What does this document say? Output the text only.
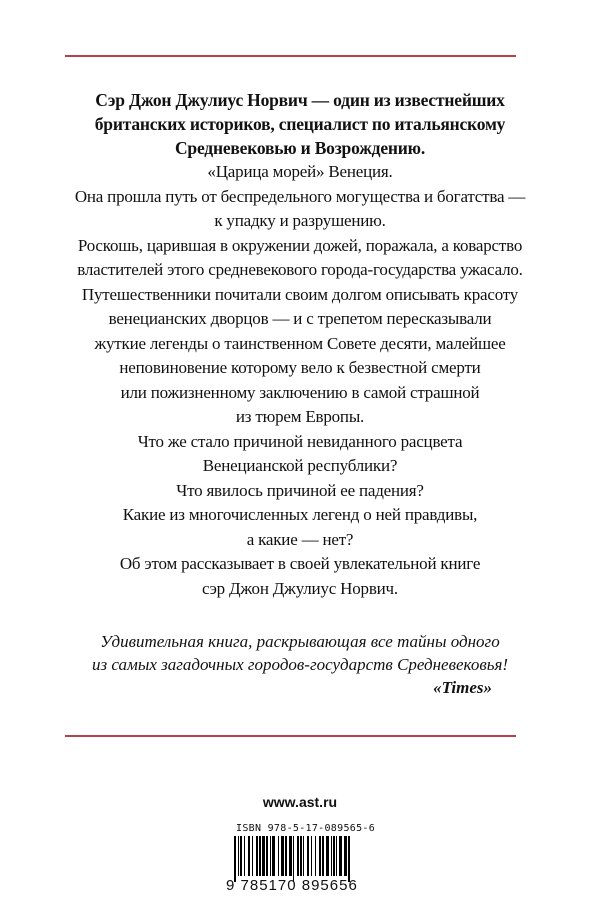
Сэр Джон Джулиус Норвич — один из известнейших
британских историков, специалист по итальянскому
Средневековью и Возрождению.
«Царица морей» Венеция.
Она прошла путь от беспредельного могущества и богатства —
к упадку и разрушению.
Роскошь, царившая в окружении дожей, поражала, а коварство
властителей этого средневекового города-государства ужасало.
Путешественники почитали своим долгом описывать красоту
венецианских дворцов — и с трепетом пересказывали
жуткие легенды о таинственном Совете десяти, малейшее
неповиновение которому вело к безвестной смерти
или пожизненному заключению в самой страшной
из тюрем Европы.
Что же стало причиной невиданного расцвета
Венецианской республики?
Что явилось причиной ее падения?
Какие из многочисленных легенд о ней правдивы,
а какие — нет?
Об этом рассказывает в своей увлекательной книге
сэр Джон Джулиус Норвич.
Удивительная книга, раскрывающая все тайны одного
из самых загадочных городов-государств Средневековья!
«Times»
www.ast.ru
ISBN 978-5-17-089565-6
9 785170 895656
